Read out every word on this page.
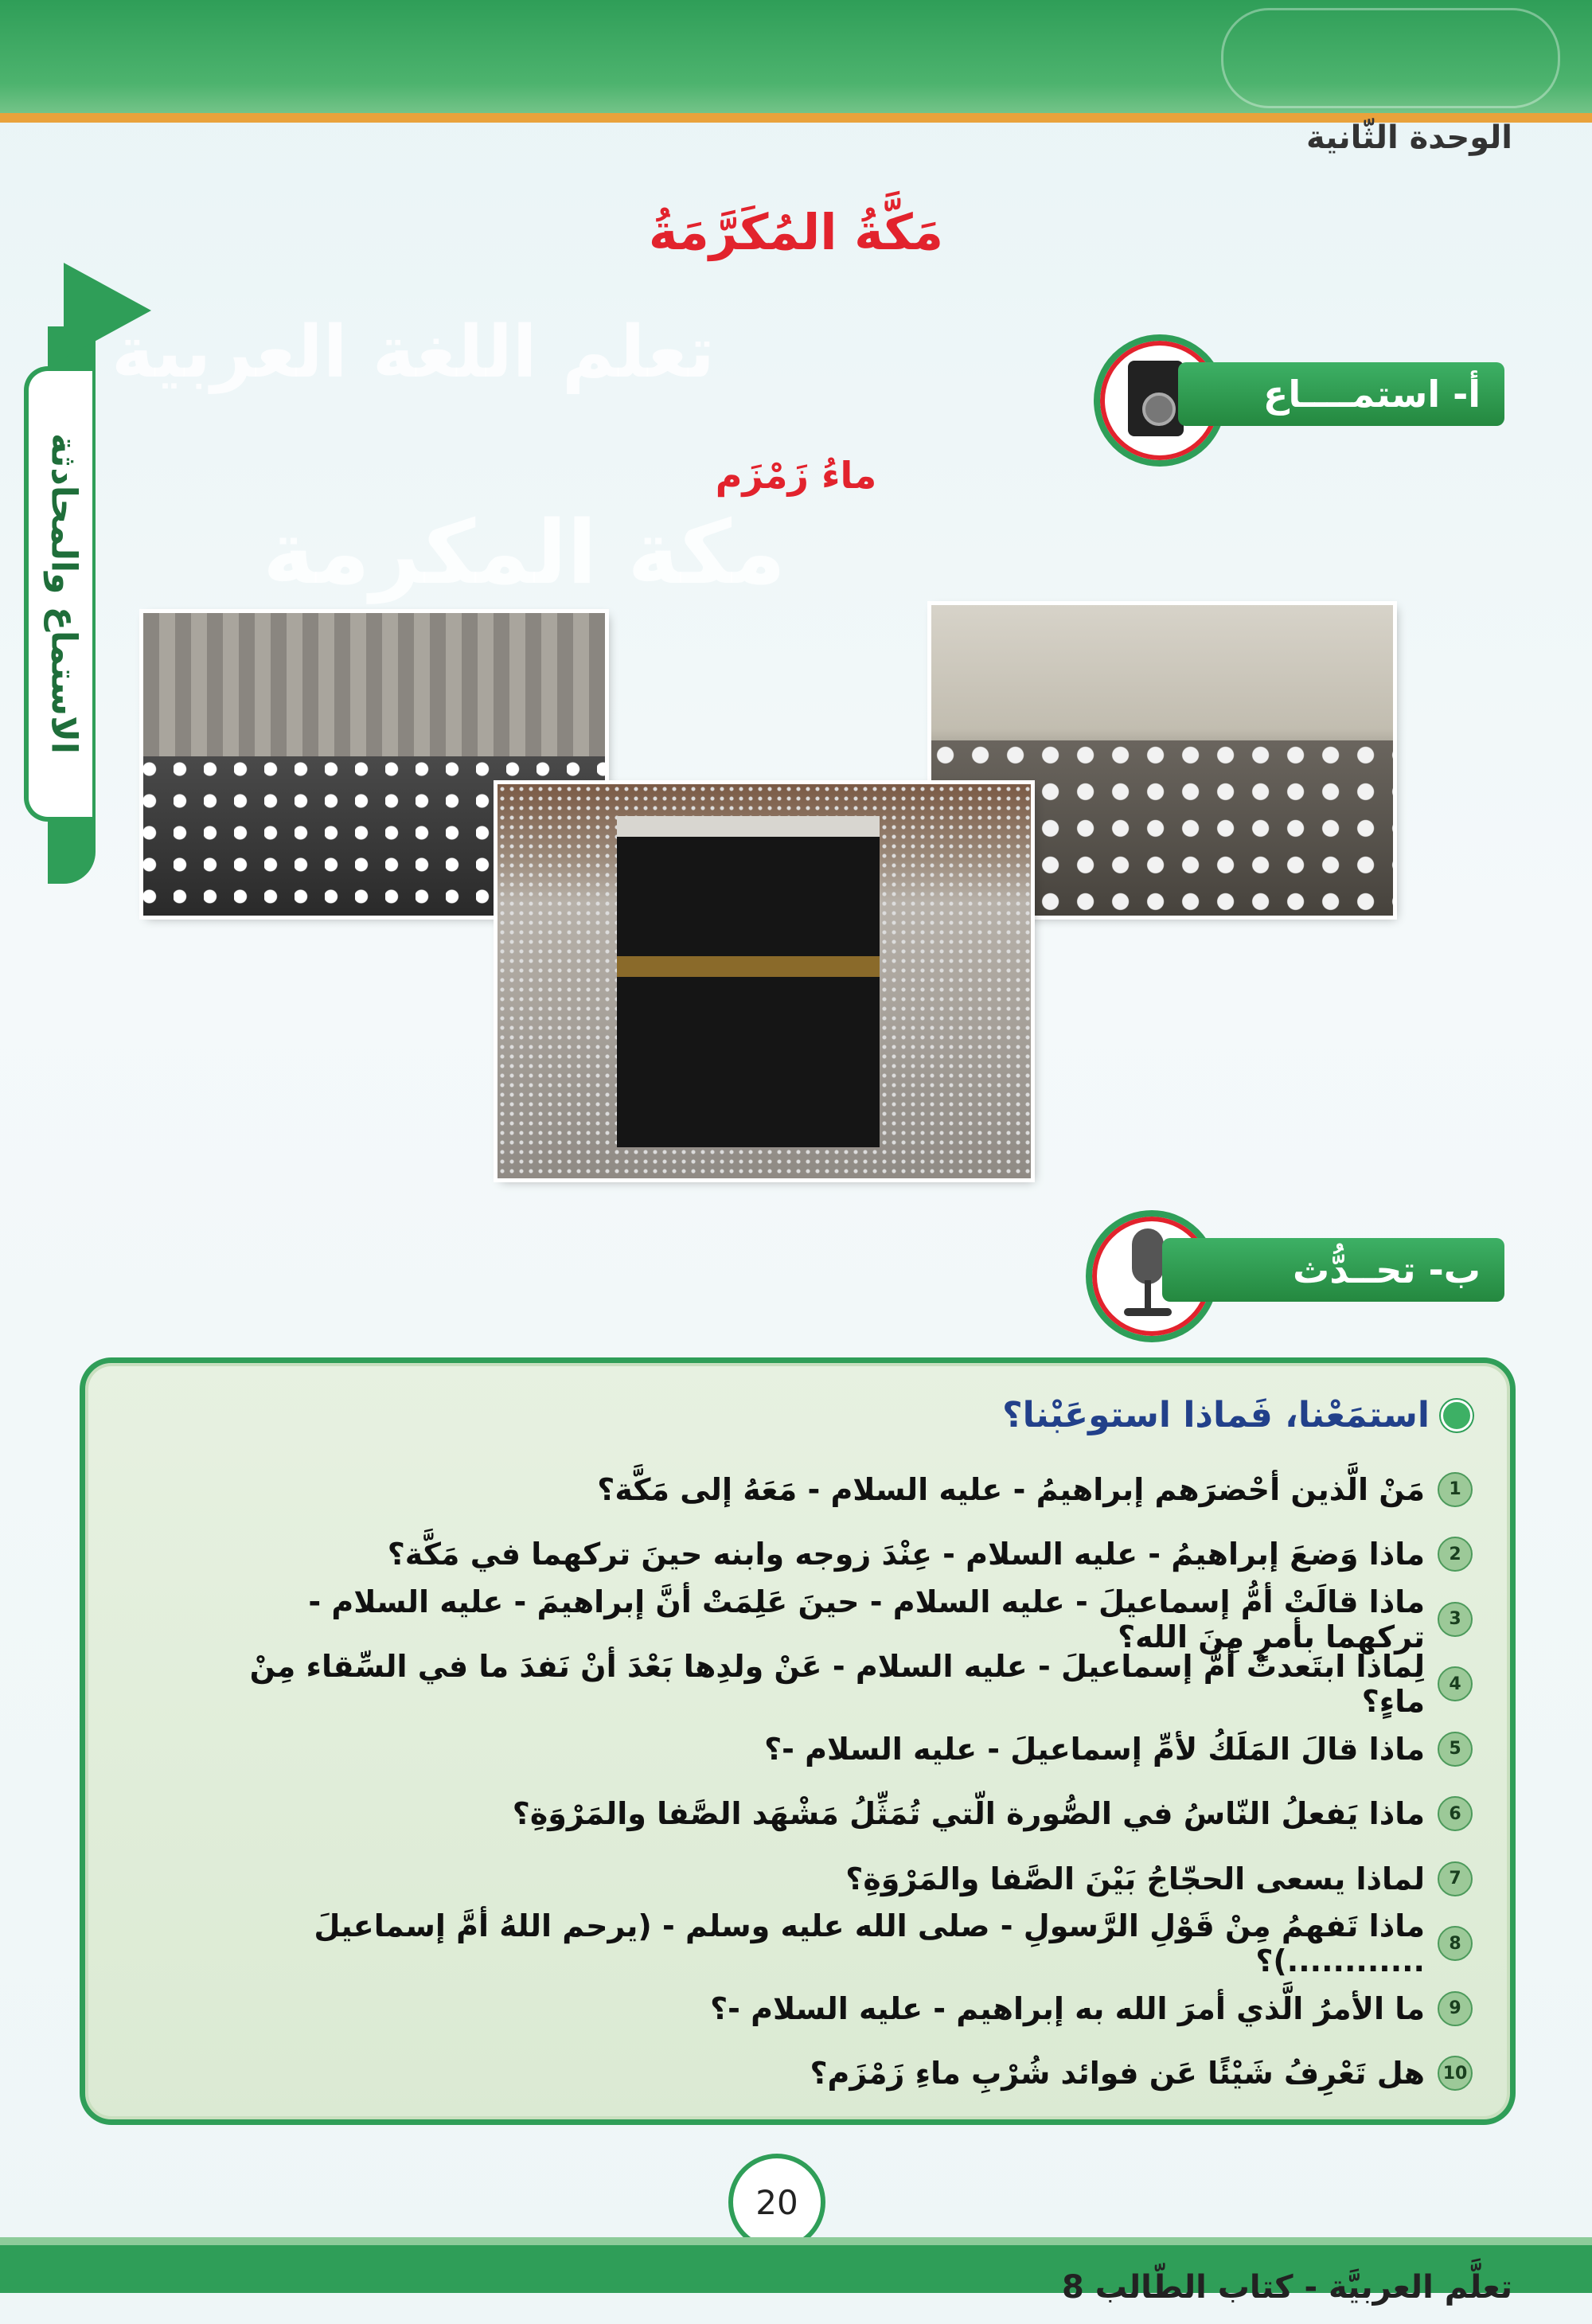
الوحدة الثّانية
مَكَّةُ المُكَرَّمَةُ
تعلم اللغة العربية
مكة المكرمة
الاستماع والمحادثة
أ- استمــــاع
ماءُ زَمْزَم
ب- تحــدُّث
استمَعْنا، فَماذا استوعَبْنا؟
1
مَنْ الَّذين أحْضرَهم إبراهيمُ - عليه السلام - مَعَهُ إلى مَكَّة؟
2
ماذا وَضعَ إبراهيمُ - عليه السلام - عِنْدَ زوجه وابنه حينَ تركهما في مَكَّة؟
3
ماذا قالَتْ أمُّ إسماعيلَ - عليه السلام - حينَ عَلِمَتْ أنَّ إبراهيمَ - عليه السلام - تركهما بأمرٍ مِنَ الله؟
4
لِماذا ابتَعدتْ أمُّ إسماعيلَ - عليه السلام - عَنْ ولدِها بَعْدَ أنْ نَفدَ ما في السِّقاء مِنْ ماءٍ؟
5
ماذا قالَ المَلَكُ لأمِّ إسماعيلَ - عليه السلام -؟
6
ماذا يَفعلُ النّاسُ في الصُّورة الّتي تُمَثِّلُ مَشْهَد الصَّفا والمَرْوَةِ؟
7
لماذا يسعى الحجّاجُ بَيْنَ الصَّفا والمَرْوَةِ؟
8
ماذا تَفهمُ مِنْ قَوْلِ الرَّسولِ - صلى الله عليه وسلم - (يرحم اللهُ أمَّ إسماعيلَ ............)؟
9
ما الأمرُ الَّذي أمرَ الله به إبراهيم - عليه السلام -؟
10
هل تَعْرِفُ شَيْئًا عَن فوائد شُرْبِ ماءِ زَمْزَم؟
20
تعلَّم العربيَّة - كتاب الطّالب 8
